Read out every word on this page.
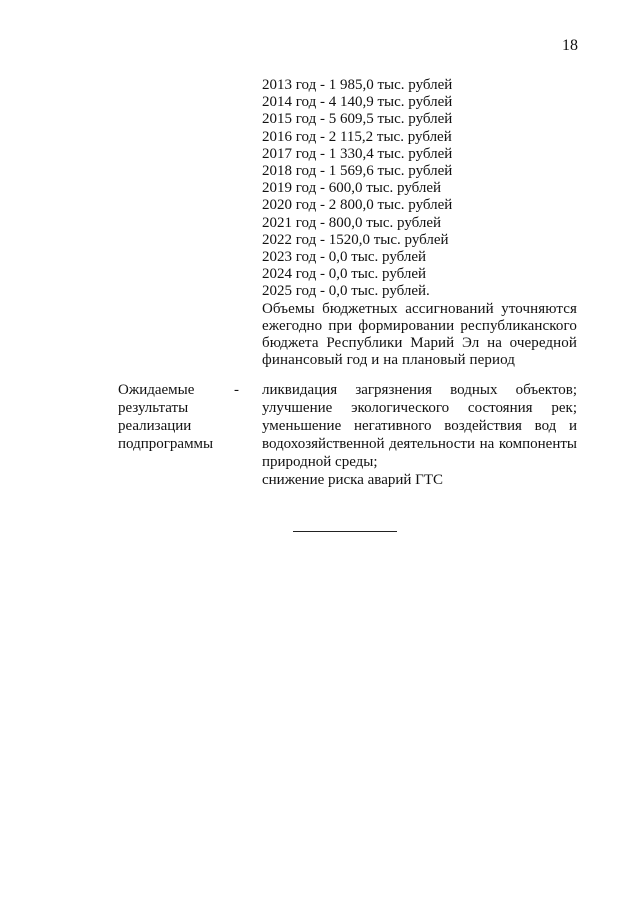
18
2013 год - 1 985,0 тыс. рублей
2014 год - 4 140,9 тыс. рублей
2015 год - 5 609,5 тыс. рублей
2016 год - 2 115,2 тыс. рублей
2017 год - 1 330,4 тыс. рублей
2018 год - 1 569,6 тыс. рублей
2019 год - 600,0 тыс. рублей
2020 год - 2 800,0 тыс. рублей
2021 год - 800,0 тыс. рублей
2022 год - 1520,0 тыс. рублей
2023 год - 0,0 тыс. рублей
2024 год - 0,0 тыс. рублей
2025 год - 0,0 тыс. рублей.
Объемы бюджетных ассигнований уточняются ежегодно при формировании республиканского бюджета Республики Марий Эл на очередной финансовый год и на плановый период
Ожидаемые результаты реализации подпрограммы
- ликвидация загрязнения водных объектов;
улучшение экологического состояния рек;
уменьшение негативного воздействия вод и водохозяйственной деятельности на компоненты природной среды;
снижение риска аварий ГТС
